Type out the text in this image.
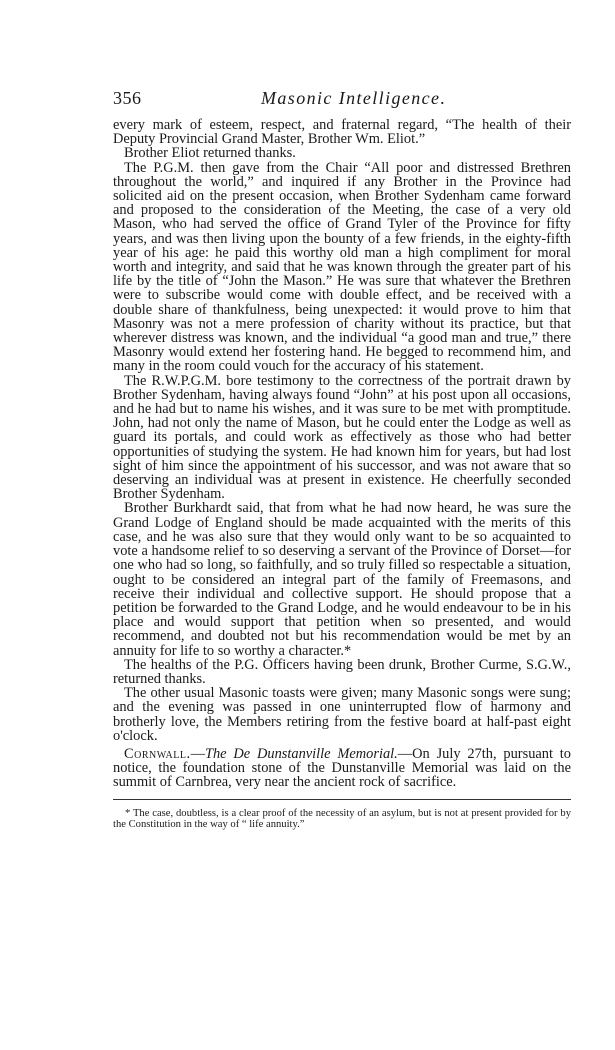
356	Masonic Intelligence.

every mark of esteem, respect, and fraternal regard, “The health of their Deputy Provincial Grand Master, Brother Wm. Eliot.”

Brother Eliot returned thanks.

The P.G.M. then gave from the Chair “All poor and distressed Brethren throughout the world,” and inquired if any Brother in the Province had solicited aid on the present occasion, when Brother Sydenham came forward and proposed to the consideration of the Meeting, the case of a very old Mason, who had served the office of Grand Tyler of the Province for fifty years, and was then living upon the bounty of a few friends, in the eighty-fifth year of his age: he paid this worthy old man a high compliment for moral worth and integrity, and said that he was known through the greater part of his life by the title of “John the Mason.” He was sure that whatever the Brethren were to subscribe would come with double effect, and be received with a double share of thankfulness, being unexpected: it would prove to him that Masonry was not a mere profession of charity without its practice, but that wherever distress was known, and the individual “a good man and true,” there Masonry would extend her fostering hand. He begged to recommend him, and many in the room could vouch for the accuracy of his statement.

The R.W.P.G.M. bore testimony to the correctness of the portrait drawn by Brother Sydenham, having always found “John” at his post upon all occasions, and he had but to name his wishes, and it was sure to be met with promptitude. John, had not only the name of Mason, but he could enter the Lodge as well as guard its portals, and could work as effectively as those who had better opportunities of studying the system. He had known him for years, but had lost sight of him since the appointment of his successor, and was not aware that so deserving an individual was at present in existence. He cheerfully seconded Brother Sydenham.

Brother Burkhardt said, that from what he had now heard, he was sure the Grand Lodge of England should be made acquainted with the merits of this case, and he was also sure that they would only want to be so acquainted to vote a handsome relief to so deserving a servant of the Province of Dorset—for one who had so long, so faithfully, and so truly filled so respectable a situation, ought to be considered an integral part of the family of Freemasons, and receive their individual and collective support. He should propose that a petition be forwarded to the Grand Lodge, and he would endeavour to be in his place and would support that petition when so presented, and would recommend, and doubted not but his recommendation would be met by an annuity for life to so worthy a character.*

The healths of the P.G. Officers having been drunk, Brother Curme, S.G.W., returned thanks.

The other usual Masonic toasts were given; many Masonic songs were sung; and the evening was passed in one uninterrupted flow of harmony and brotherly love, the Members retiring from the festive board at half-past eight o'clock.

Cornwall.—The De Dunstanville Memorial.—On July 27th, pursuant to notice, the foundation stone of the Dunstanville Memorial was laid on the summit of Carnbrea, very near the ancient rock of sacrifice.

* The case, doubtless, is a clear proof of the necessity of an asylum, but is not at present provided for by the Constitution in the way of “ life annuity.”
